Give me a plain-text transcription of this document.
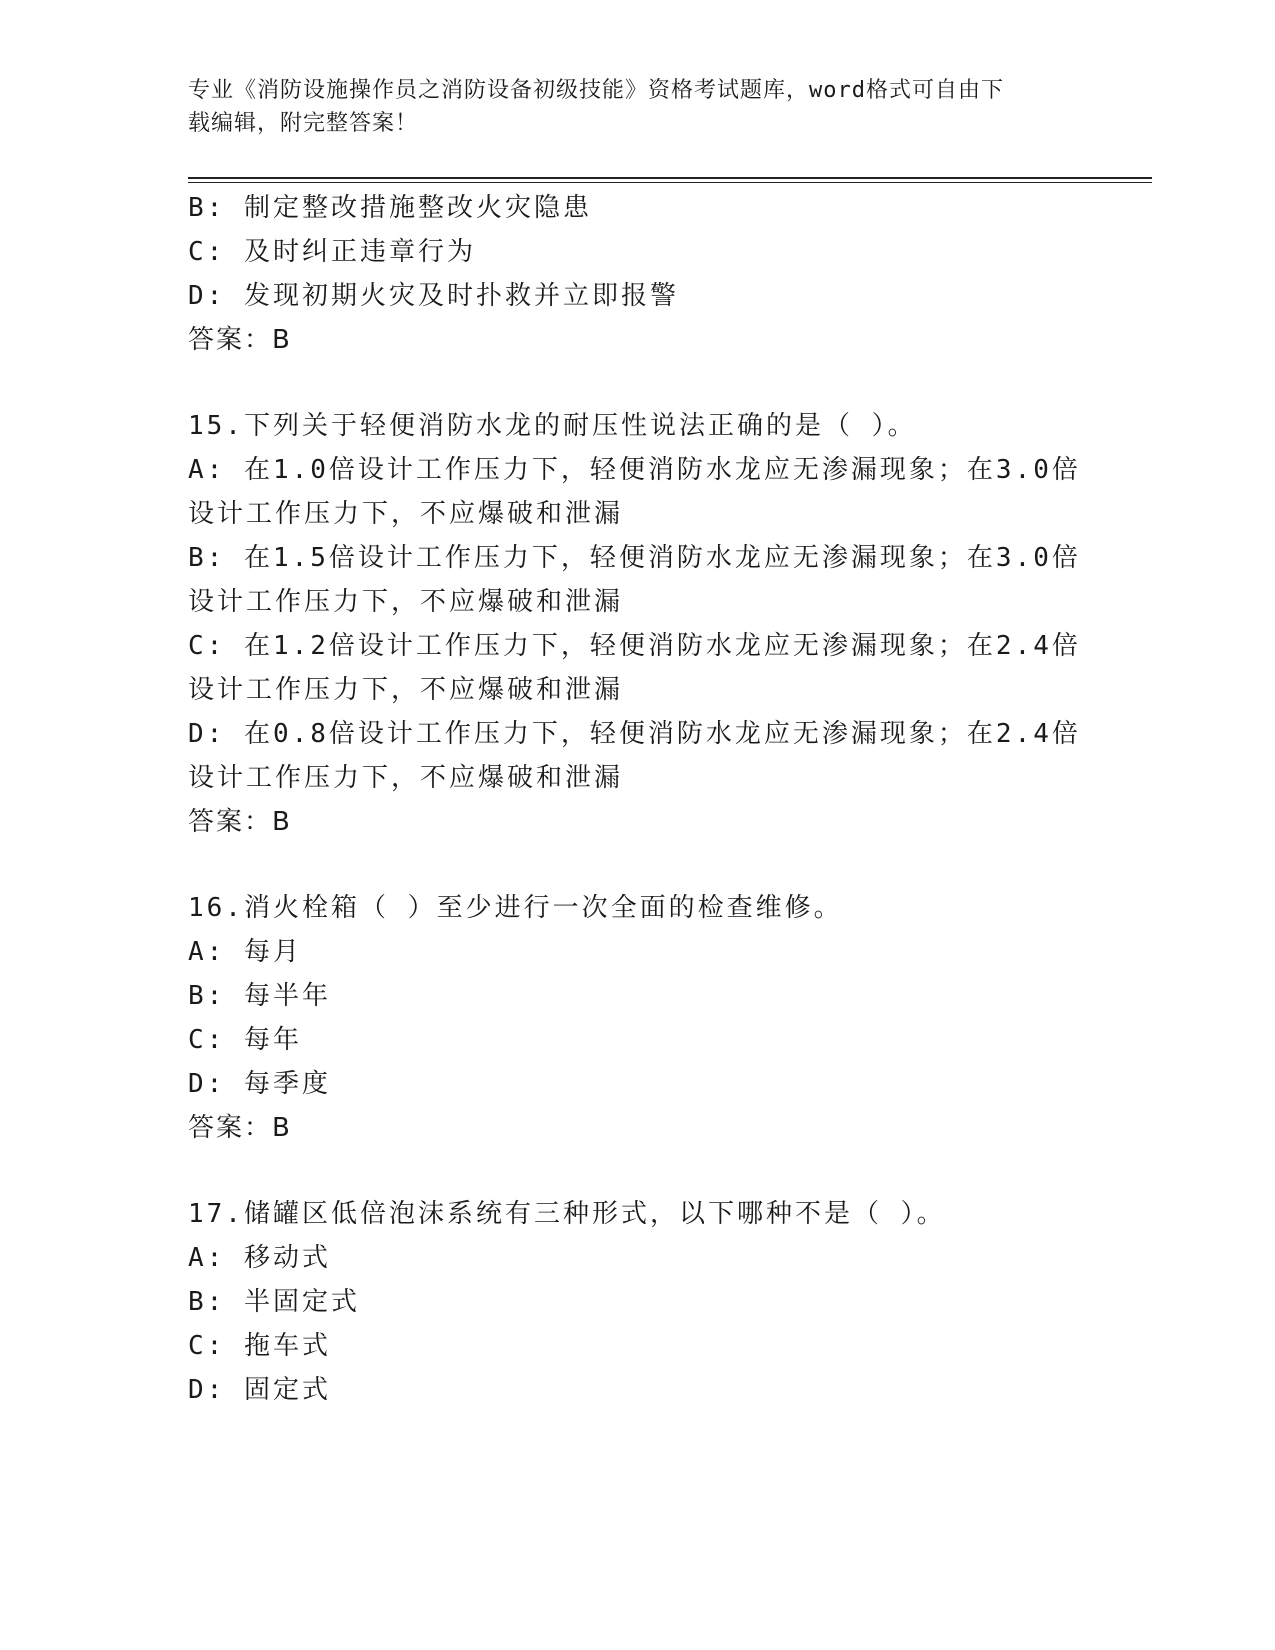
专业《消防设施操作员之消防设备初级技能》资格考试题库，word格式可自由下
载编辑，附完整答案！
B: 制定整改措施整改火灾隐患
C: 及时纠正违章行为
D: 发现初期火灾及时扑救并立即报警
答案：B
15.下列关于轻便消防水龙的耐压性说法正确的是（ ）。
A: 在1.0倍设计工作压力下，轻便消防水龙应无渗漏现象；在3.0倍
设计工作压力下，不应爆破和泄漏
B: 在1.5倍设计工作压力下，轻便消防水龙应无渗漏现象；在3.0倍
设计工作压力下，不应爆破和泄漏
C: 在1.2倍设计工作压力下，轻便消防水龙应无渗漏现象；在2.4倍
设计工作压力下，不应爆破和泄漏
D: 在0.8倍设计工作压力下，轻便消防水龙应无渗漏现象；在2.4倍
设计工作压力下，不应爆破和泄漏
答案：B
16.消火栓箱（ ）至少进行一次全面的检查维修。
A: 每月
B: 每半年
C: 每年
D: 每季度
答案：B
17.储罐区低倍泡沫系统有三种形式，以下哪种不是（ ）。
A: 移动式
B: 半固定式
C: 拖车式
D: 固定式
